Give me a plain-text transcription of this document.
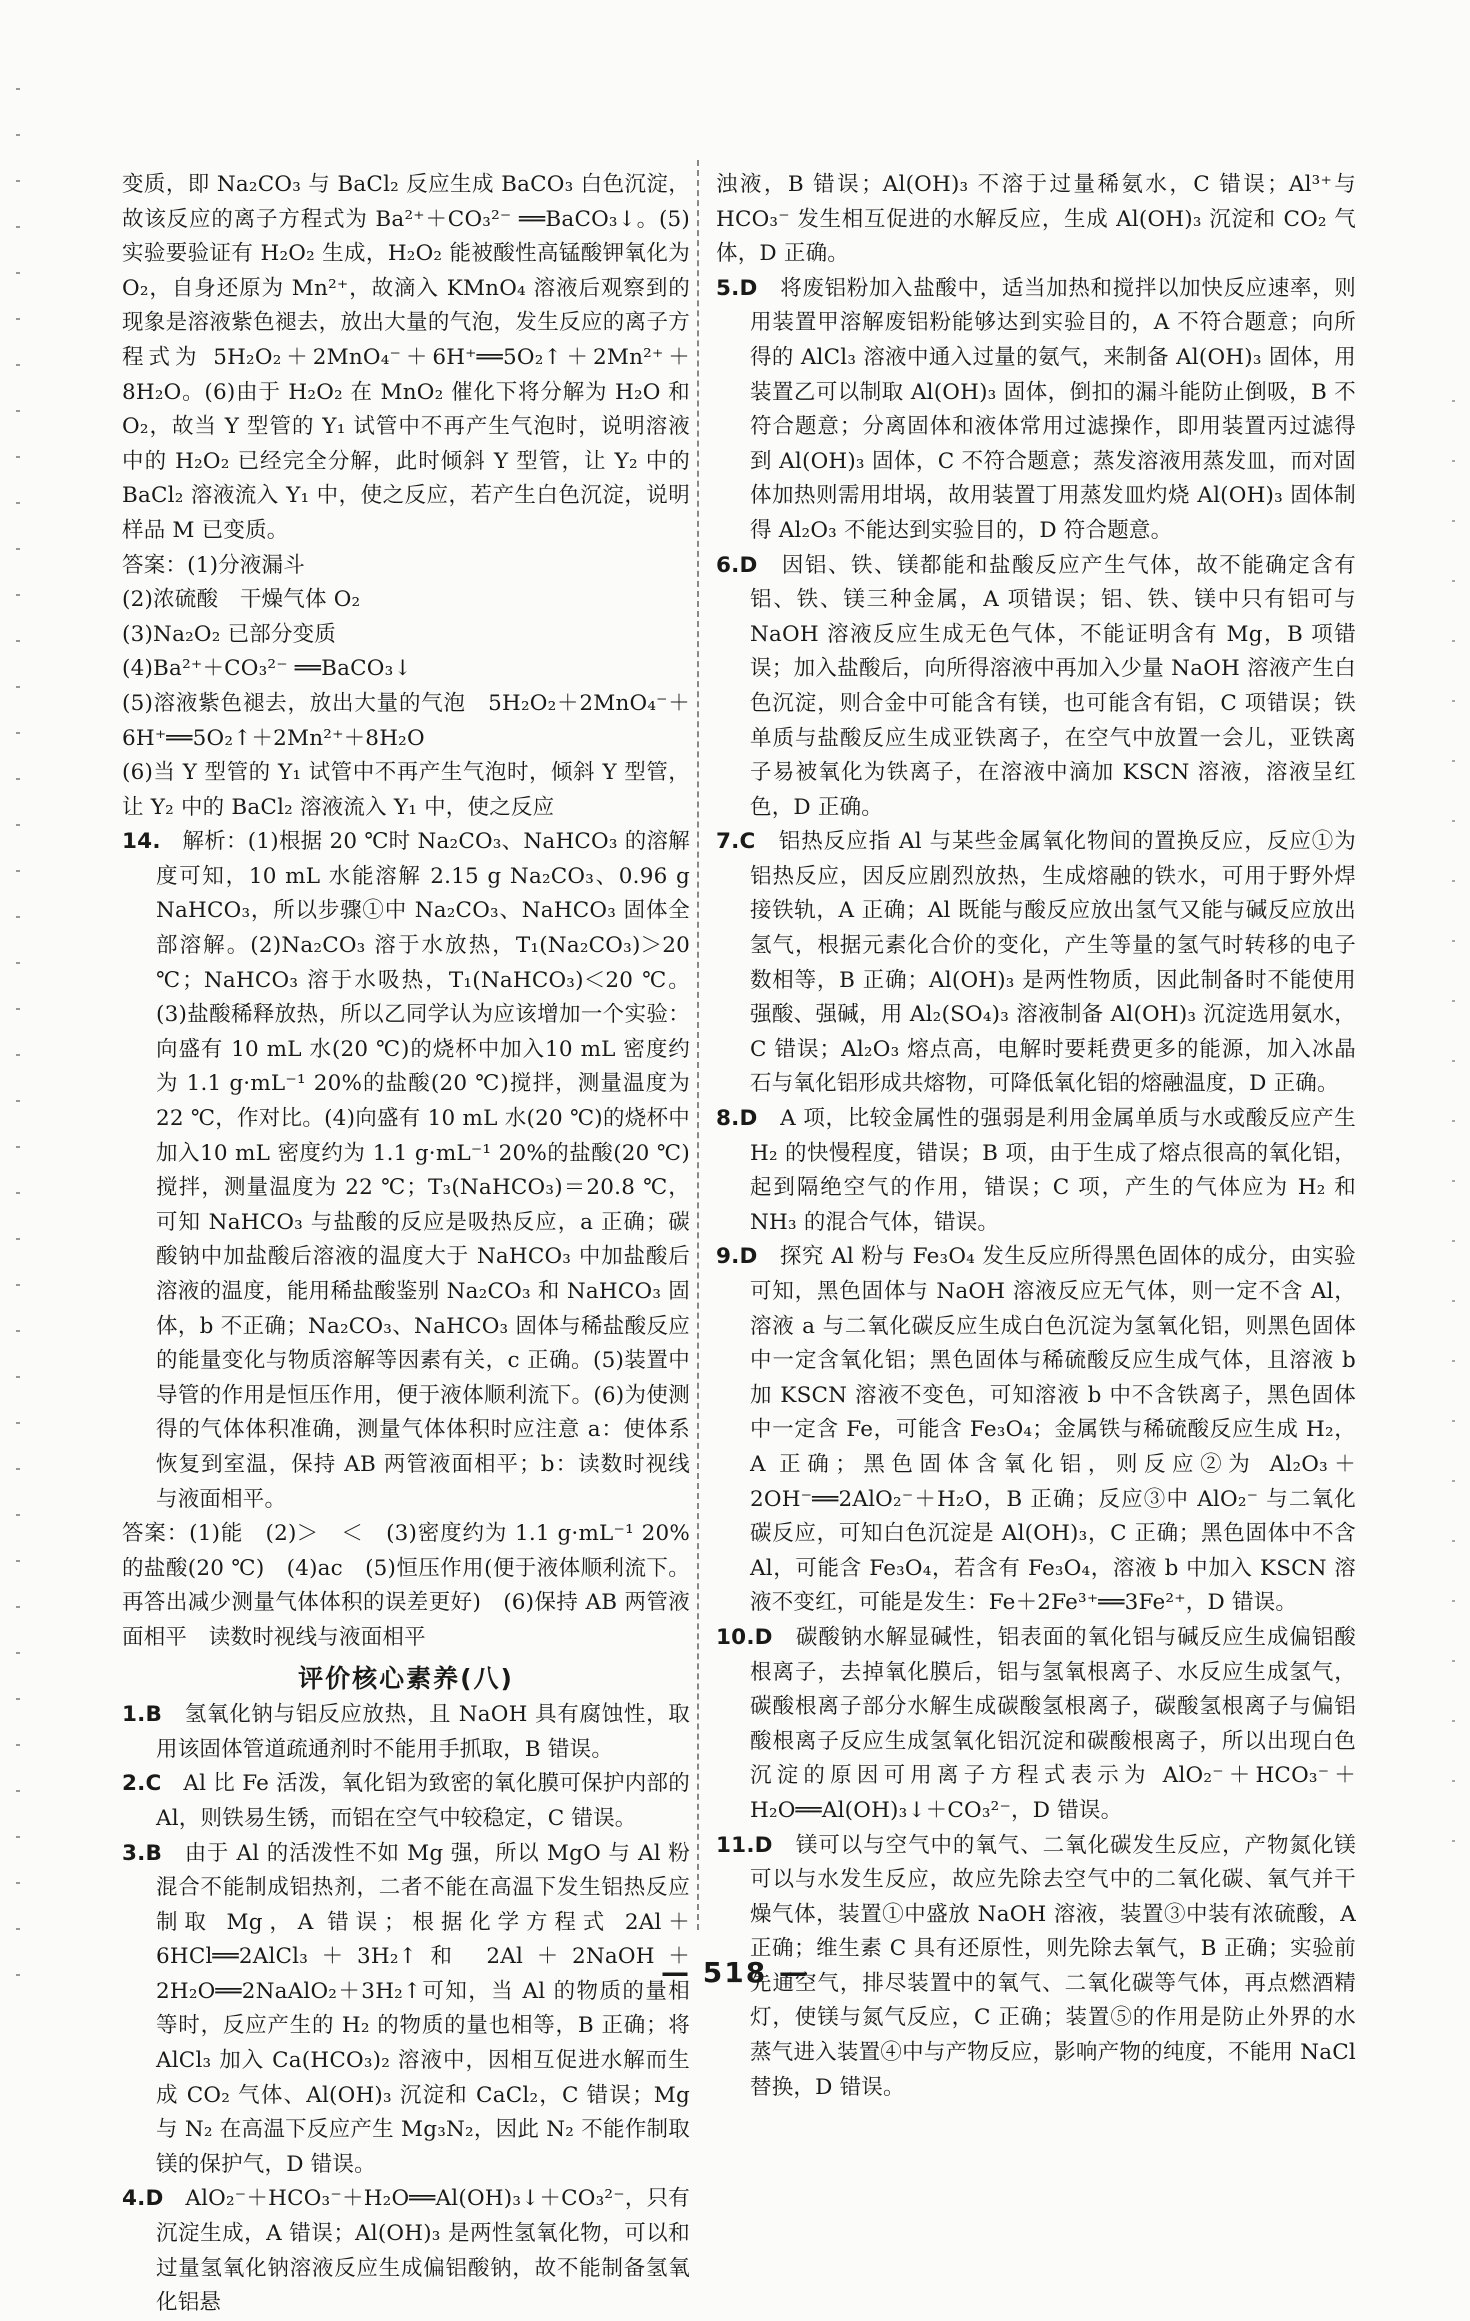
变质，即 Na₂CO₃ 与 BaCl₂ 反应生成 BaCO₃ 白色沉淀，故该反应的离子方程式为 Ba²⁺＋CO₃²⁻ ══BaCO₃↓。(5)实验要验证有 H₂O₂ 生成，H₂O₂ 能被酸性高锰酸钾氧化为 O₂，自身还原为 Mn²⁺，故滴入 KMnO₄ 溶液后观察到的现象是溶液紫色褪去，放出大量的气泡，发生反应的离子方程式为 5H₂O₂＋2MnO₄⁻＋6H⁺══5O₂↑＋2Mn²⁺＋8H₂O。(6)由于 H₂O₂ 在 MnO₂ 催化下将分解为 H₂O 和 O₂，故当 Y 型管的 Y₁ 试管中不再产生气泡时，说明溶液中的 H₂O₂ 已经完全分解，此时倾斜 Y 型管，让 Y₂ 中的 BaCl₂ 溶液流入 Y₁ 中，使之反应，若产生白色沉淀，说明样品 M 已变质。

答案：(1)分液漏斗

(2)浓硫酸　干燥气体 O₂

(3)Na₂O₂ 已部分变质

(4)Ba²⁺＋CO₃²⁻ ══BaCO₃↓

(5)溶液紫色褪去，放出大量的气泡　5H₂O₂＋2MnO₄⁻＋6H⁺══5O₂↑＋2Mn²⁺＋8H₂O

(6)当 Y 型管的 Y₁ 试管中不再产生气泡时，倾斜 Y 型管，让 Y₂ 中的 BaCl₂ 溶液流入 Y₁ 中，使之反应

14.　 解析：(1)根据 20 ℃时 Na₂CO₃、NaHCO₃ 的溶解度可知，10 mL 水能溶解 2.15 g Na₂CO₃、0.96 g NaHCO₃，所以步骤①中 Na₂CO₃、NaHCO₃ 固体全部溶解。(2)Na₂CO₃ 溶于水放热，T₁(Na₂CO₃)＞20 ℃；NaHCO₃ 溶于水吸热，T₁(NaHCO₃)＜20 ℃。(3)盐酸稀释放热，所以乙同学认为应该增加一个实验：向盛有 10 mL 水(20 ℃)的烧杯中加入10 mL 密度约为 1.1 g·mL⁻¹ 20%的盐酸(20 ℃)搅拌，测量温度为 22 ℃，作对比。(4)向盛有 10 mL 水(20 ℃)的烧杯中加入10 mL 密度约为 1.1 g·mL⁻¹ 20%的盐酸(20 ℃)搅拌，测量温度为 22 ℃；T₃(NaHCO₃)＝20.8 ℃，可知 NaHCO₃ 与盐酸的反应是吸热反应，a 正确；碳酸钠中加盐酸后溶液的温度大于 NaHCO₃ 中加盐酸后溶液的温度，能用稀盐酸鉴别 Na₂CO₃ 和 NaHCO₃ 固体，b 不正确；Na₂CO₃、NaHCO₃ 固体与稀盐酸反应的能量变化与物质溶解等因素有关，c 正确。(5)装置中导管的作用是恒压作用，便于液体顺利流下。(6)为使测得的气体体积准确，测量气体体积时应注意 a：使体系恢复到室温，保持 AB 两管液面相平；b：读数时视线与液面相平。

答案：(1)能　(2)＞　＜　(3)密度约为 1.1 g·mL⁻¹ 20%的盐酸(20 ℃)　(4)ac　(5)恒压作用(便于液体顺利流下。再答出减少测量气体体积的误差更好)　(6)保持 AB 两管液面相平　读数时视线与液面相平

评价核心素养(八)

1.B　 氢氧化钠与铝反应放热，且 NaOH 具有腐蚀性，取用该固体管道疏通剂时不能用手抓取，B 错误。

2.C　 Al 比 Fe 活泼，氧化铝为致密的氧化膜可保护内部的 Al，则铁易生锈，而铝在空气中较稳定，C 错误。

3.B　 由于 Al 的活泼性不如 Mg 强，所以 MgO 与 Al 粉混合不能制成铝热剂，二者不能在高温下发生铝热反应制取 Mg，A 错误；根据化学方程式 2Al＋6HCl══2AlCl₃＋3H₂↑和 2Al＋2NaOH＋2H₂O══2NaAlO₂＋3H₂↑可知，当 Al 的物质的量相等时，反应产生的 H₂ 的物质的量也相等，B 正确；将 AlCl₃ 加入 Ca(HCO₃)₂ 溶液中，因相互促进水解而生成 CO₂ 气体、Al(OH)₃ 沉淀和 CaCl₂，C 错误；Mg 与 N₂ 在高温下反应产生 Mg₃N₂，因此 N₂ 不能作制取镁的保护气，D 错误。

4.D　 AlO₂⁻＋HCO₃⁻＋H₂O══Al(OH)₃↓＋CO₃²⁻，只有沉淀生成，A 错误；Al(OH)₃ 是两性氢氧化物，可以和过量氢氧化钠溶液反应生成偏铝酸钠，故不能制备氢氧化铝悬

浊液，B 错误；Al(OH)₃ 不溶于过量稀氨水，C 错误；Al³⁺与 HCO₃⁻ 发生相互促进的水解反应，生成 Al(OH)₃ 沉淀和 CO₂ 气体，D 正确。

5.D　 将废铝粉加入盐酸中，适当加热和搅拌以加快反应速率，则用装置甲溶解废铝粉能够达到实验目的，A 不符合题意；向所得的 AlCl₃ 溶液中通入过量的氨气，来制备 Al(OH)₃ 固体，用装置乙可以制取 Al(OH)₃ 固体，倒扣的漏斗能防止倒吸，B 不符合题意；分离固体和液体常用过滤操作，即用装置丙过滤得到 Al(OH)₃ 固体，C 不符合题意；蒸发溶液用蒸发皿，而对固体加热则需用坩埚，故用装置丁用蒸发皿灼烧 Al(OH)₃ 固体制得 Al₂O₃ 不能达到实验目的，D 符合题意。

6.D　 因铝、铁、镁都能和盐酸反应产生气体，故不能确定含有铝、铁、镁三种金属，A 项错误；铝、铁、镁中只有铝可与 NaOH 溶液反应生成无色气体，不能证明含有 Mg，B 项错误；加入盐酸后，向所得溶液中再加入少量 NaOH 溶液产生白色沉淀，则合金中可能含有镁，也可能含有铝，C 项错误；铁单质与盐酸反应生成亚铁离子，在空气中放置一会儿，亚铁离子易被氧化为铁离子，在溶液中滴加 KSCN 溶液，溶液呈红色，D 正确。

7.C　 铝热反应指 Al 与某些金属氧化物间的置换反应，反应①为铝热反应，因反应剧烈放热，生成熔融的铁水，可用于野外焊接铁轨，A 正确；Al 既能与酸反应放出氢气又能与碱反应放出氢气，根据元素化合价的变化，产生等量的氢气时转移的电子数相等，B 正确；Al(OH)₃ 是两性物质，因此制备时不能使用强酸、强碱，用 Al₂(SO₄)₃ 溶液制备 Al(OH)₃ 沉淀选用氨水，C 错误；Al₂O₃ 熔点高，电解时要耗费更多的能源，加入冰晶石与氧化铝形成共熔物，可降低氧化铝的熔融温度，D 正确。

8.D　 A 项，比较金属性的强弱是利用金属单质与水或酸反应产生 H₂ 的快慢程度，错误；B 项，由于生成了熔点很高的氧化铝，起到隔绝空气的作用，错误；C 项，产生的气体应为 H₂ 和 NH₃ 的混合气体，错误。

9.D　 探究 Al 粉与 Fe₃O₄ 发生反应所得黑色固体的成分，由实验可知，黑色固体与 NaOH 溶液反应无气体，则一定不含 Al，溶液 a 与二氧化碳反应生成白色沉淀为氢氧化铝，则黑色固体中一定含氧化铝；黑色固体与稀硫酸反应生成气体，且溶液 b 加 KSCN 溶液不变色，可知溶液 b 中不含铁离子，黑色固体中一定含 Fe，可能含 Fe₃O₄；金属铁与稀硫酸反应生成 H₂，A 正确；黑色固体含氧化铝，则反应②为 Al₂O₃＋2OH⁻══2AlO₂⁻＋H₂O，B 正确；反应③中 AlO₂⁻ 与二氧化碳反应，可知白色沉淀是 Al(OH)₃，C 正确；黑色固体中不含 Al，可能含 Fe₃O₄，若含有 Fe₃O₄，溶液 b 中加入 KSCN 溶液不变红，可能是发生：Fe＋2Fe³⁺══3Fe²⁺，D 错误。

10.D　 碳酸钠水解显碱性，铝表面的氧化铝与碱反应生成偏铝酸根离子，去掉氧化膜后，铝与氢氧根离子、水反应生成氢气，碳酸根离子部分水解生成碳酸氢根离子，碳酸氢根离子与偏铝酸根离子反应生成氢氧化铝沉淀和碳酸根离子，所以出现白色沉淀的原因可用离子方程式表示为 AlO₂⁻＋HCO₃⁻＋H₂O══Al(OH)₃↓＋CO₃²⁻，D 错误。

11.D　 镁可以与空气中的氧气、二氧化碳发生反应，产物氮化镁可以与水发生反应，故应先除去空气中的二氧化碳、氧气并干燥气体，装置①中盛放 NaOH 溶液，装置③中装有浓硫酸，A 正确；维生素 C 具有还原性，则先除去氧气，B 正确；实验前先通空气，排尽装置中的氧气、二氧化碳等气体，再点燃酒精灯，使镁与氮气反应，C 正确；装置⑤的作用是防止外界的水蒸气进入装置④中与产物反应，影响产物的纯度，不能用 NaCl 替换，D 错误。

— 518 —
